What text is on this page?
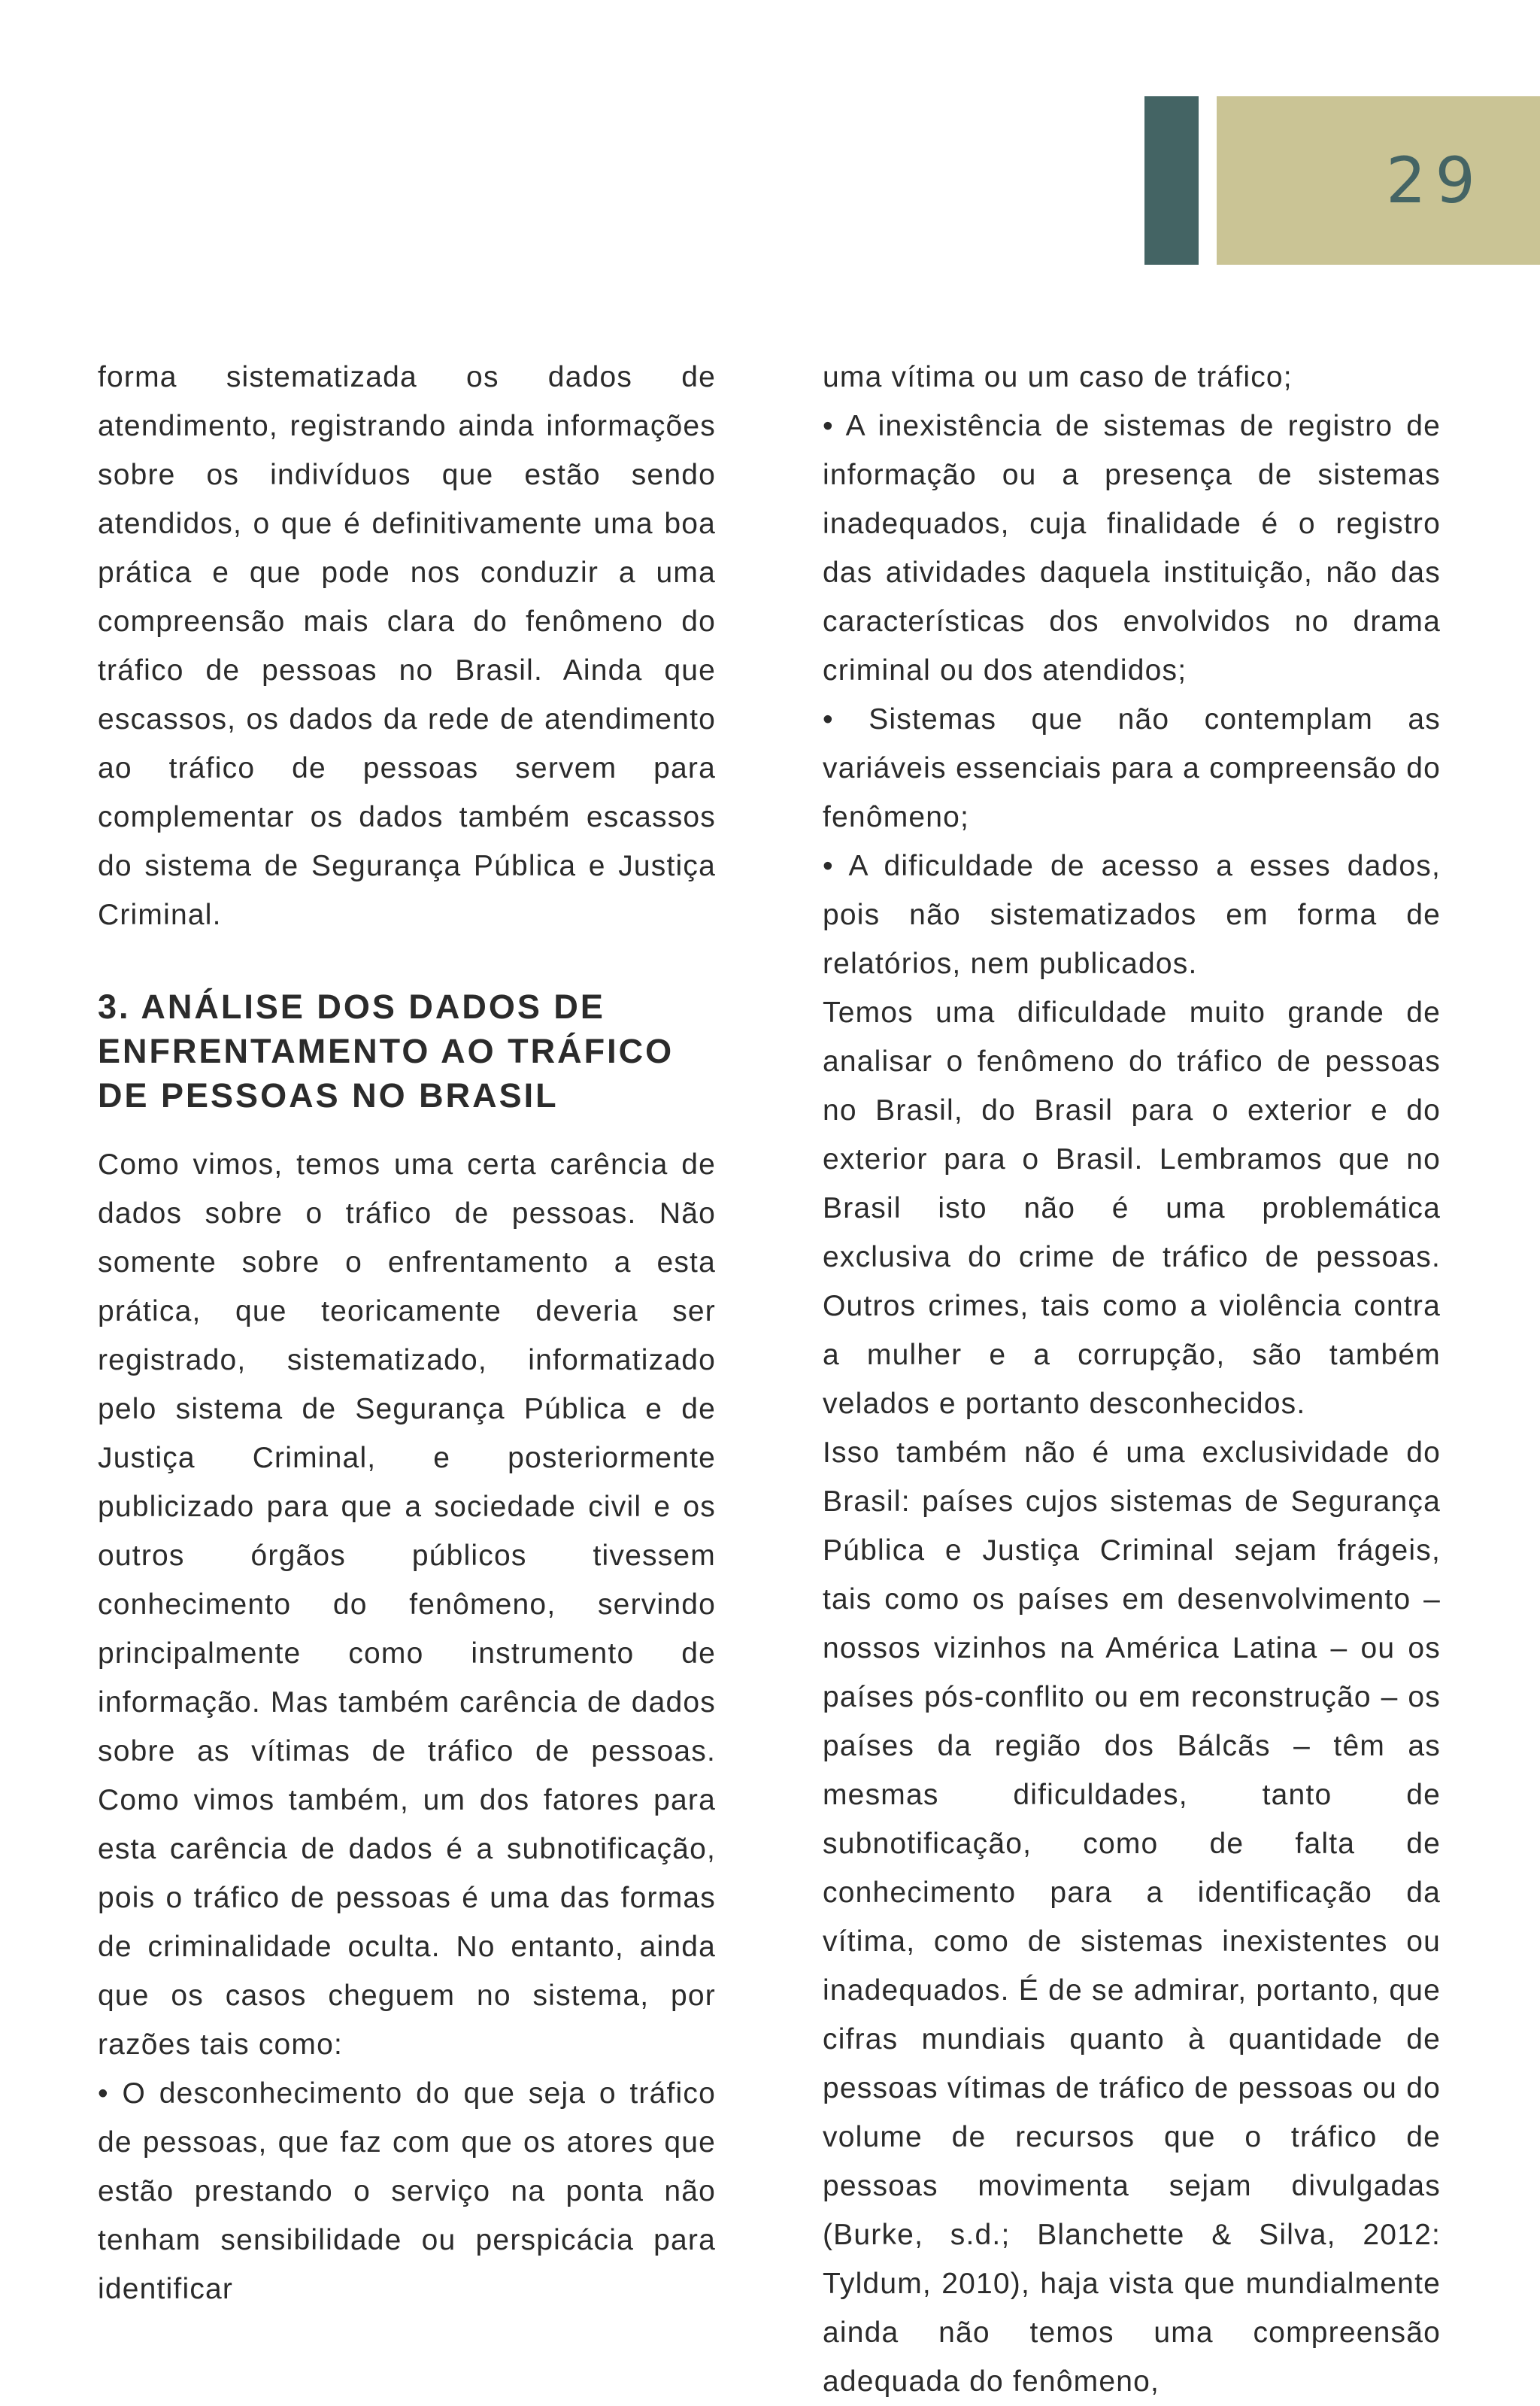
29

forma sistematizada os dados de atendimento, registrando ainda informações sobre os indivíduos que estão sendo atendidos, o que é definitivamente uma boa prática e que pode nos conduzir a uma compreensão mais clara do fenômeno do tráfico de pessoas no Brasil. Ainda que escassos, os dados da rede de atendimento ao tráfico de pessoas servem para complementar os dados também escassos do sistema de Segurança Pública e Justiça Criminal.

3. ANÁLISE DOS DADOS DE
ENFRENTAMENTO AO TRÁFICO
DE PESSOAS NO BRASIL

Como vimos, temos uma certa carência de dados sobre o tráfico de pessoas. Não somente sobre o enfrentamento a esta prática, que teoricamente deveria ser registrado, sistematizado, informatizado pelo sistema de Segurança Pública e de Justiça Criminal, e posteriormente publicizado para que a sociedade civil e os outros órgãos públicos tivessem conhecimento do fenômeno, servindo principalmente como instrumento de informação. Mas também carência de dados sobre as vítimas de tráfico de pessoas. Como vimos também, um dos fatores para esta carência de dados é a subnotificação, pois o tráfico de pessoas é uma das formas de criminalidade oculta. No entanto, ainda que os casos cheguem no sistema, por razões tais como:

• O desconhecimento do que seja o tráfico de pessoas, que faz com que os atores que estão prestando o serviço na ponta não tenham sensibilidade ou perspicácia para identificar

uma vítima ou um caso de tráfico;

• A inexistência de sistemas de registro de informação ou a presença de sistemas inadequados, cuja finalidade é o registro das atividades daquela instituição, não das características dos envolvidos no drama criminal ou dos atendidos;

• Sistemas que não contemplam as variáveis essenciais para a compreensão do fenômeno;

• A dificuldade de acesso a esses dados, pois não sistematizados em forma de relatórios, nem publicados.

Temos uma dificuldade muito grande de analisar o fenômeno do tráfico de pessoas no Brasil, do Brasil para o exterior e do exterior para o Brasil. Lembramos que no Brasil isto não é uma problemática exclusiva do crime de tráfico de pessoas. Outros crimes, tais como a violência contra a mulher e a corrupção, são também velados e portanto desconhecidos.

Isso também não é uma exclusividade do Brasil: países cujos sistemas de Segurança Pública e Justiça Criminal sejam frágeis, tais como os países em desenvolvimento – nossos vizinhos na América Latina – ou os países pós-conflito ou em reconstrução – os países da região dos Bálcãs – têm as mesmas dificuldades, tanto de subnotificação, como de falta de conhecimento para a identificação da vítima, como de sistemas inexistentes ou inadequados. É de se admirar, portanto, que cifras mundiais quanto à quantidade de pessoas vítimas de tráfico de pessoas ou do volume de recursos que o tráfico de pessoas movimenta sejam divulgadas (Burke, s.d.; Blanchette & Silva, 2012: Tyldum, 2010), haja vista que mundialmente ainda não temos uma compreensão adequada do fenômeno,
